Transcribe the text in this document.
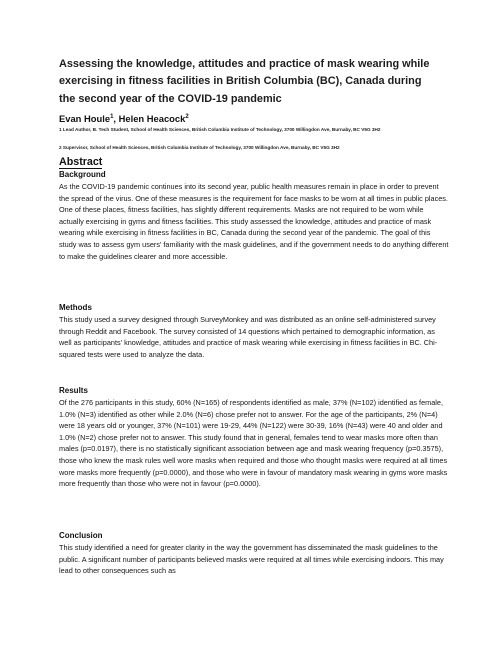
Assessing the knowledge, attitudes and practice of mask wearing while exercising in fitness facilities in British Columbia (BC), Canada during the second year of the COVID-19 pandemic
Evan Houle$^1$, Helen Heacock$^2$
1 Lead Author, B. Tech Student, School of Health Sciences, British Columbia Institute of Technology, 3700 Willingdon Ave, Burnaby, BC V5G 3H2
2 Supervisor, School of Health Sciences, British Columbia Institute of Technology, 3700 Willingdon Ave, Burnaby, BC V5G 3H2
Abstract
Background
As the COVID-19 pandemic continues into its second year, public health measures remain in place in order to prevent the spread of the virus. One of these measures is the requirement for face masks to be worn at all times in public places. One of these places, fitness facilities, has slightly different requirements. Masks are not required to be worn while actually exercising in gyms and fitness facilities. This study assessed the knowledge, attitudes and practice of mask wearing while exercising in fitness facilities in BC, Canada during the second year of the pandemic. The goal of this study was to assess gym users' familiarity with the mask guidelines, and if the government needs to do anything different to make the guidelines clearer and more accessible.
Methods
This study used a survey designed through SurveyMonkey and was distributed as an online self-administered survey through Reddit and Facebook. The survey consisted of 14 questions which pertained to demographic information, as well as participants' knowledge, attitudes and practice of mask wearing while exercising in fitness facilities in BC. Chi-squared tests were used to analyze the data.
Results
Of the 276 participants in this study, 60% (N=165) of respondents identified as male, 37% (N=102) identified as female, 1.0% (N=3) identified as other while 2.0% (N=6) chose prefer not to answer. For the age of the participants, 2% (N=4) were 18 years old or younger, 37% (N=101) were 19-29, 44% (N=122) were 30-39, 16% (N=43) were 40 and older and 1.0% (N=2) chose prefer not to answer. This study found that in general, females tend to wear masks more often than males (p=0.0197), there is no statistically significant association between age and mask wearing frequency (p=0.3575), those who knew the mask rules well wore masks when required and those who thought masks were required at all times wore masks more frequently (p=0.0000), and those who were in favour of mandatory mask wearing in gyms wore masks more frequently than those who were not in favour (p=0.0000).
Conclusion
This study identified a need for greater clarity in the way the government has disseminated the mask guidelines to the public. A significant number of participants believed masks were required at all times while exercising indoors. This may lead to other consequences such as
